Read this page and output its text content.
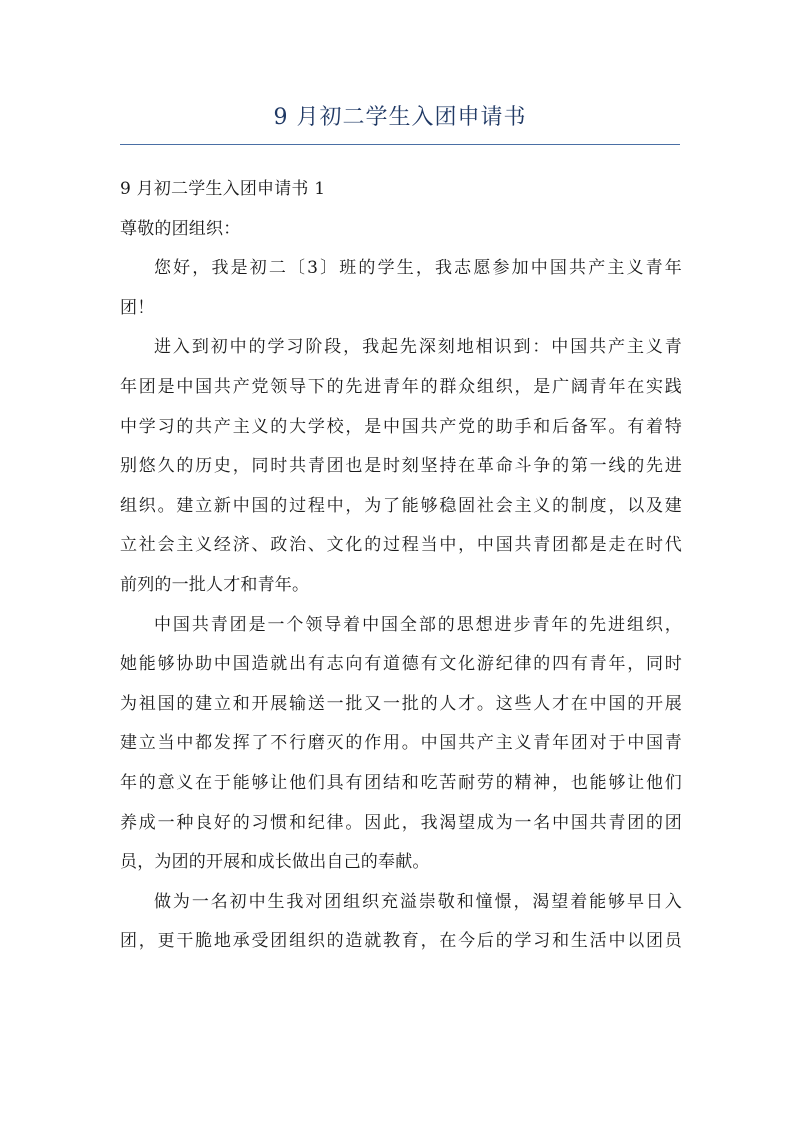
9 月初二学生入团申请书

9 月初二学生入团申请书 1

尊敬的团组织：

您好，我是初二〔3〕班的学生，我志愿参加中国共产主义青年

团！

进入到初中的学习阶段，我起先深刻地相识到：中国共产主义青

年团是中国共产党领导下的先进青年的群众组织，是广阔青年在实践

中学习的共产主义的大学校，是中国共产党的助手和后备军。有着特

别悠久的历史，同时共青团也是时刻坚持在革命斗争的第一线的先进

组织。建立新中国的过程中，为了能够稳固社会主义的制度，以及建

立社会主义经济、政治、文化的过程当中，中国共青团都是走在时代

前列的一批人才和青年。

中国共青团是一个领导着中国全部的思想进步青年的先进组织，

她能够协助中国造就出有志向有道德有文化游纪律的四有青年，同时

为祖国的建立和开展输送一批又一批的人才。这些人才在中国的开展

建立当中都发挥了不行磨灭的作用。中国共产主义青年团对于中国青

年的意义在于能够让他们具有团结和吃苦耐劳的精神，也能够让他们

养成一种良好的习惯和纪律。因此，我渴望成为一名中国共青团的团

员，为团的开展和成长做出自己的奉献。

做为一名初中生我对团组织充溢崇敬和憧憬，渴望着能够早日入

团，更干脆地承受团组织的造就教育，在今后的学习和生活中以团员
